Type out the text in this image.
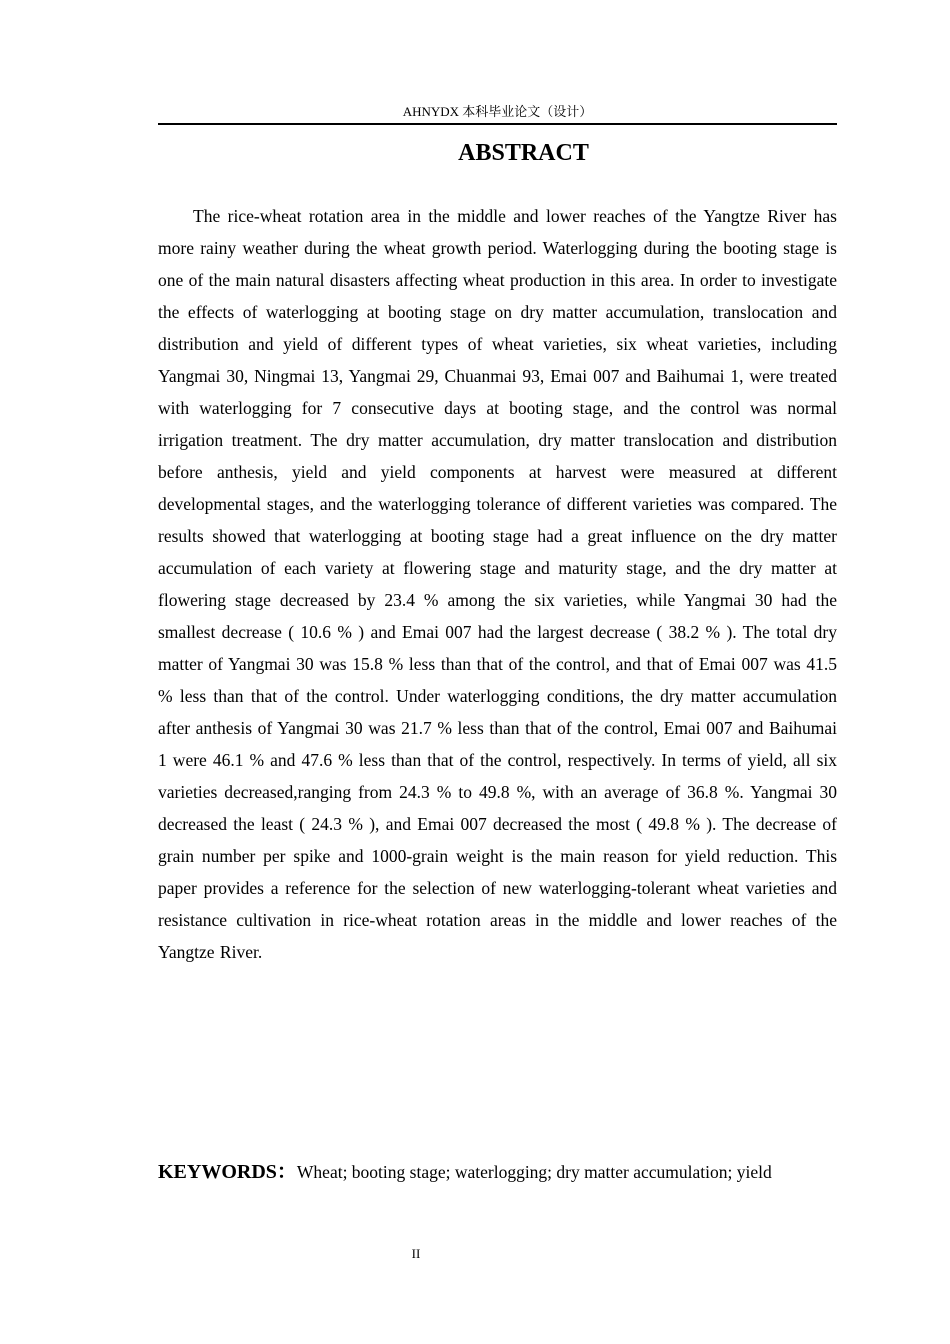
AHNYDX 本科毕业论文（设计）
ABSTRACT

The rice-wheat rotation area in the middle and lower reaches of the Yangtze River has more rainy weather during the wheat growth period. Waterlogging during the booting stage is one of the main natural disasters affecting wheat production in this area. In order to investigate the effects of waterlogging at booting stage on dry matter accumulation, translocation and distribution and yield of different types of wheat varieties, six wheat varieties, including Yangmai 30, Ningmai 13, Yangmai 29, Chuanmai 93, Emai 007 and Baihumai 1, were treated with waterlogging for 7 consecutive days at booting stage, and the control was normal irrigation treatment. The dry matter accumulation, dry matter translocation and distribution before anthesis, yield and yield components at harvest were measured at different developmental stages, and the waterlogging tolerance of different varieties was compared. The results showed that waterlogging at booting stage had a great influence on the dry matter accumulation of each variety at flowering stage and maturity stage, and the dry matter at flowering stage decreased by 23.4 % among the six varieties, while Yangmai 30 had the smallest decrease ( 10.6 % ) and Emai 007 had the largest decrease ( 38.2 % ). The total dry matter of Yangmai 30 was 15.8 % less than that of the control, and that of Emai 007 was 41.5 % less than that of the control. Under waterlogging conditions, the dry matter accumulation after anthesis of Yangmai 30 was 21.7 % less than that of the control, Emai 007 and Baihumai 1 were 46.1 % and 47.6 % less than that of the control, respectively. In terms of yield, all six varieties decreased,ranging from 24.3 % to 49.8 %, with an average of 36.8 %. Yangmai 30 decreased the least ( 24.3 % ), and Emai 007 decreased the most ( 49.8 % ). The decrease of grain number per spike and 1000-grain weight is the main reason for yield reduction. This paper provides a reference for the selection of new waterlogging-tolerant wheat varieties and resistance cultivation in rice-wheat rotation areas in the middle and lower reaches of the Yangtze River.

KEYWORDS：Wheat; booting stage; waterlogging; dry matter accumulation; yield

II
